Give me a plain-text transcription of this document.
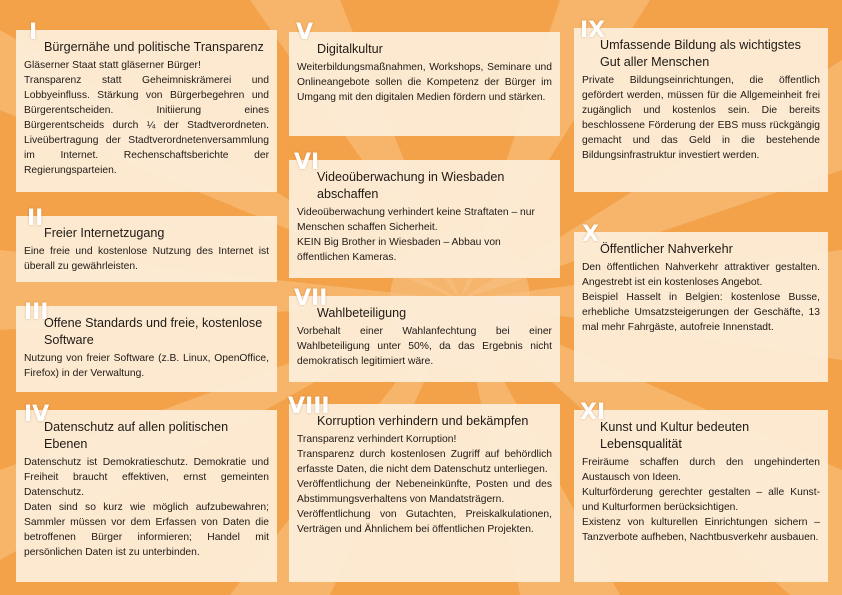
Bürgernähe und politische Transparenz

Gläserner Staat statt gläserner Bürger!

Transparenz statt Geheimniskrämerei und Lobbyeinfluss. Stärkung von Bürgerbegehren und Bürgerentscheiden. Initiierung eines Bürgerentscheids durch ¼ der Stadtverordneten. Liveübertragung der Stadtverordnetenversammlung im Internet. Rechenschaftsberichte der Regierungsparteien.

I
Freier Internetzugang

Eine freie und kostenlose Nutzung des Internet ist überall zu gewährleisten.

II
Offene Standards und freie, kostenlose Software

Nutzung von freier Software (z.B. Linux, OpenOffice, Firefox) in der Verwaltung.

III
Datenschutz auf allen politischen Ebenen

Datenschutz ist Demokratieschutz. Demokratie und Freiheit braucht effektiven, ernst gemeinten Datenschutz.

Daten sind so kurz wie möglich aufzubewahren; Sammler müssen vor dem Erfassen von Daten die betroffenen Bürger informieren; Handel mit persönlichen Daten ist zu unterbinden.

IV
Digitalkultur

Weiterbildungsmaßnahmen, Workshops, Seminare und Onlineangebote sollen die Kompetenz der Bürger im Umgang mit den digitalen Medien fördern und stärken.

V
Videoüberwachung in Wiesbaden abschaffen

Videoüberwachung verhindert keine Straftaten – nur Menschen schaffen Sicherheit.

KEIN Big Brother in Wiesbaden – Abbau von öffentlichen Kameras.

VI
Wahlbeteiligung

Vorbehalt einer Wahlanfechtung bei einer Wahlbeteiligung unter 50%, da das Ergebnis nicht demokratisch legitimiert wäre.

VII
Korruption verhindern und bekämpfen

Transparenz verhindert Korruption!

Transparenz durch kostenlosen Zugriff auf behördlich erfasste Daten, die nicht dem Datenschutz unterliegen.

Veröffentlichung der Nebeneinkünfte, Posten und des Abstimmungsverhaltens von Mandatsträgern.

Veröffentlichung von Gutachten, Preiskalkulationen, Verträgen und Ähnlichem bei öffentlichen Projekten.

VIII
Umfassende Bildung als wichtigstes Gut aller Menschen

Private Bildungseinrichtungen, die öffentlich gefördert werden, müssen für die Allgemeinheit frei zugänglich und kostenlos sein. Die bereits beschlossene Förderung der EBS muss rückgängig gemacht und das Geld in die bestehende Bildungsinfrastruktur investiert werden.

IX
Öffentlicher Nahverkehr

Den öffentlichen Nahverkehr attraktiver gestalten. Angestrebt ist ein kostenloses Angebot.

Beispiel Hasselt in Belgien: kostenlose Busse, erhebliche Umsatzsteigerungen der Geschäfte, 13 mal mehr Fahrgäste, autofreie Innenstadt.

X
Kunst und Kultur bedeuten Lebensqualität

Freiräume schaffen durch den ungehinderten Austausch von Ideen.

Kulturförderung gerechter gestalten – alle Kunst- und Kulturformen berücksichtigen.

Existenz von kulturellen Einrichtungen sichern – Tanzverbote aufheben, Nachtbusverkehr ausbauen.

XI
